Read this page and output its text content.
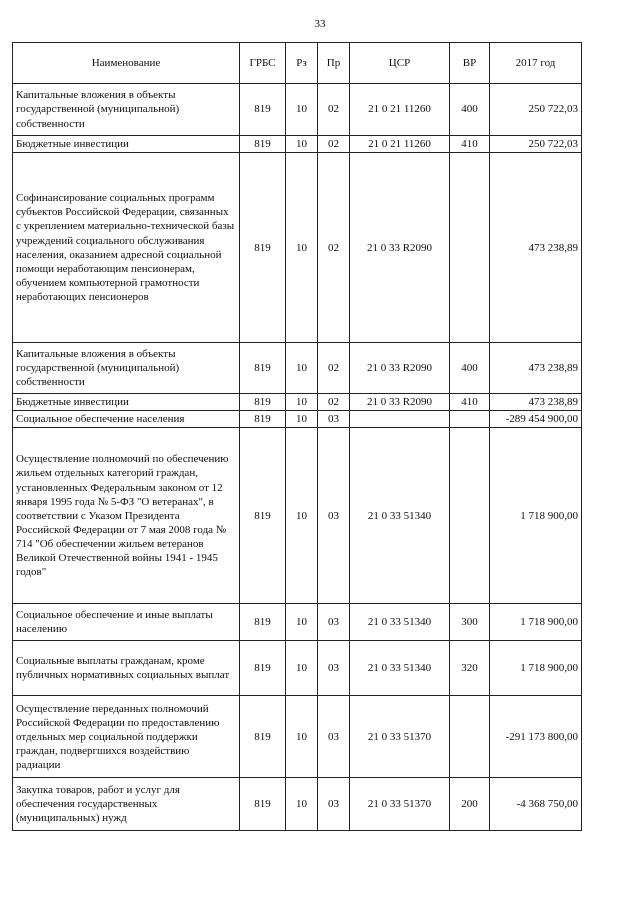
33
Наименование	ГРБС	Рз	Пр	ЦСР	ВР	2017 год
Капитальные вложения в объекты государственной (муниципальной) собственности	819	10	02	21 0 21 11260	400	250 722,03
Бюджетные инвестиции	819	10	02	21 0 21 11260	410	250 722,03
Софинансирование социальных программ субъектов Российской Федерации, связанных с укреплением материально-технической базы учреждений социального обслуживания населения, оказанием адресной социальной помощи неработающим пенсионерам, обучением компьютерной грамотности неработающих пенсионеров	819	10	02	21 0 33 R2090		473 238,89
Капитальные вложения в объекты государственной (муниципальной) собственности	819	10	02	21 0 33 R2090	400	473 238,89
Бюджетные инвестиции	819	10	02	21 0 33 R2090	410	473 238,89
Социальное обеспечение населения	819	10	03			-289 454 900,00
Осуществление полномочий по обеспечению жильем отдельных категорий граждан, установленных Федеральным законом от 12 января 1995 года № 5-ФЗ "О ветеранах", в соответствии с Указом Президента Российской Федерации от 7 мая 2008 года № 714 "Об обеспечении жильем ветеранов Великой Отечественной войны 1941 - 1945 годов"	819	10	03	21 0 33 51340		1 718 900,00
Социальное обеспечение и иные выплаты населению	819	10	03	21 0 33 51340	300	1 718 900,00
Социальные выплаты гражданам, кроме публичных нормативных социальных выплат	819	10	03	21 0 33 51340	320	1 718 900,00
Осуществление переданных полномочий Российской Федерации по предоставлению отдельных мер социальной поддержки граждан, подвергшихся воздействию радиации	819	10	03	21 0 33 51370		-291 173 800,00
Закупка товаров, работ и услуг для обеспечения государственных (муниципальных) нужд	819	10	03	21 0 33 51370	200	-4 368 750,00
